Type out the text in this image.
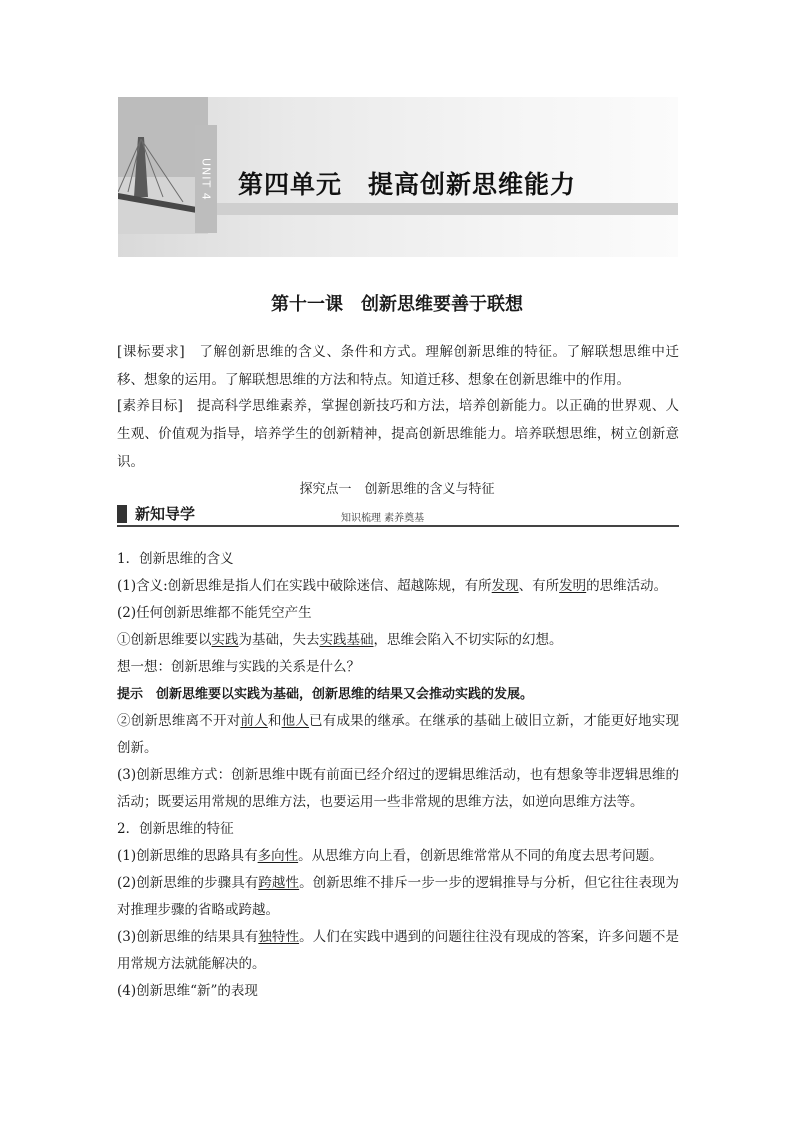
UNIT 4 第四单元　提高创新思维能力
第十一课　创新思维要善于联想

[课标要求]　了解创新思维的含义、条件和方式。理解创新思维的特征。了解联想思维中迁移、想象的运用。了解联想思维的方法和特点。知道迁移、想象在创新思维中的作用。

[素养目标]　提高科学思维素养，掌握创新技巧和方法，培养创新能力。以正确的世界观、人生观、价值观为指导，培养学生的创新精神，提高创新思维能力。培养联想思维，树立创新意识。

探究点一　创新思维的含义与特征
新知导学	知识梳理 素养奠基

1．创新思维的含义

(1)含义:创新思维是指人们在实践中破除迷信、超越陈规，有所发现、有所发明的思维活动。

(2)任何创新思维都不能凭空产生

①创新思维要以实践为基础，失去实践基础，思维会陷入不切实际的幻想。

想一想：创新思维与实践的关系是什么？

提示　创新思维要以实践为基础，创新思维的结果又会推动实践的发展。

②创新思维离不开对前人和他人已有成果的继承。在继承的基础上破旧立新，才能更好地实现创新。

(3)创新思维方式：创新思维中既有前面已经介绍过的逻辑思维活动，也有想象等非逻辑思维的活动；既要运用常规的思维方法，也要运用一些非常规的思维方法，如逆向思维方法等。

2．创新思维的特征

(1)创新思维的思路具有多向性。从思维方向上看，创新思维常常从不同的角度去思考问题。

(2)创新思维的步骤具有跨越性。创新思维不排斥一步一步的逻辑推导与分析，但它往往表现为对推理步骤的省略或跨越。

(3)创新思维的结果具有独特性。人们在实践中遇到的问题往往没有现成的答案，许多问题不是用常规方法就能解决的。

(4)创新思维“新”的表现
